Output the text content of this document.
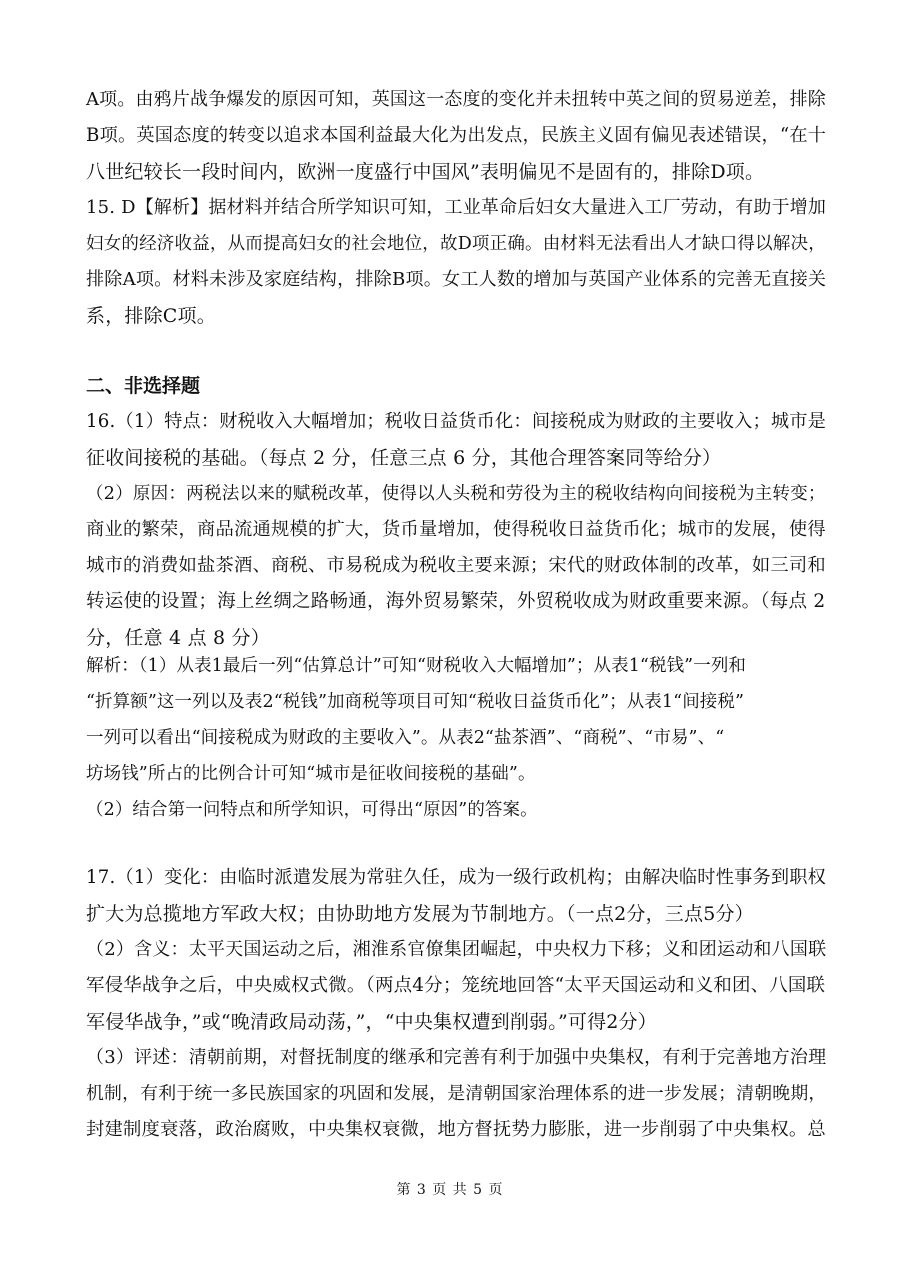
A项。由鸦片战争爆发的原因可知，英国这一态度的变化并未扭转中英之间的贸易逆差，排除
B项。英国态度的转变以追求本国利益最大化为出发点，民族主义固有偏见表述错误，“在十
八世纪较长一段时间内，欧洲一度盛行中国风”表明偏见不是固有的，排除D项。
15. D【解析】据材料并结合所学知识可知，工业革命后妇女大量进入工厂劳动，有助于增加
妇女的经济收益，从而提高妇女的社会地位，故D项正确。由材料无法看出人才缺口得以解决，
排除A项。材料未涉及家庭结构，排除B项。女工人数的增加与英国产业体系的完善无直接关
系，排除C项。
二、非选择题
16.（1）特点：财税收入大幅增加；税收日益货币化：间接税成为财政的主要收入；城市是
征收间接税的基础。（每点 2 分，任意三点 6 分，其他合理答案同等给分）
（2）原因：两税法以来的赋税改革，使得以人头税和劳役为主的税收结构向间接税为主转变；
商业的繁荣，商品流通规模的扩大，货币量增加，使得税收日益货币化；城市的发展，使得
城市的消费如盐茶酒、商税、市易税成为税收主要来源；宋代的财政体制的改革，如三司和
转运使的设置；海上丝绸之路畅通，海外贸易繁荣，外贸税收成为财政重要来源。（每点 2
分，任意 4 点 8 分）
解析：（1）从表1最后一列“估算总计”可知“财税收入大幅增加”；从表1“税钱”一列和
“折算额”这一列以及表2“税钱”加商税等项目可知“税收日益货币化”；从表1“间接税”
一列可以看出“间接税成为财政的主要收入”。从表2“盐茶酒”、“商税”、“市易”、“
坊场钱”所占的比例合计可知“城市是征收间接税的基础”。
（2）结合第一问特点和所学知识，可得出“原因”的答案。
17.（1）变化：由临时派遣发展为常驻久任，成为一级行政机构；由解决临时性事务到职权
扩大为总揽地方军政大权；由协助地方发展为节制地方。（一点2分，三点5分）
（2）含义：太平天国运动之后，湘淮系官僚集团崛起，中央权力下移；义和团运动和八国联
军侵华战争之后，中央威权式微。（两点4分；笼统地回答“太平天国运动和义和团、八国联
军侵华战争，”或“晚清政局动荡，”，“中央集权遭到削弱。”可得2分）
（3）评述：清朝前期，对督抚制度的继承和完善有利于加强中央集权，有利于完善地方治理
机制，有利于统一多民族国家的巩固和发展，是清朝国家治理体系的进一步发展；清朝晚期，
封建制度衰落，政治腐败，中央集权衰微，地方督抚势力膨胀，进一步削弱了中央集权。总
第 3 页 共 5 页
